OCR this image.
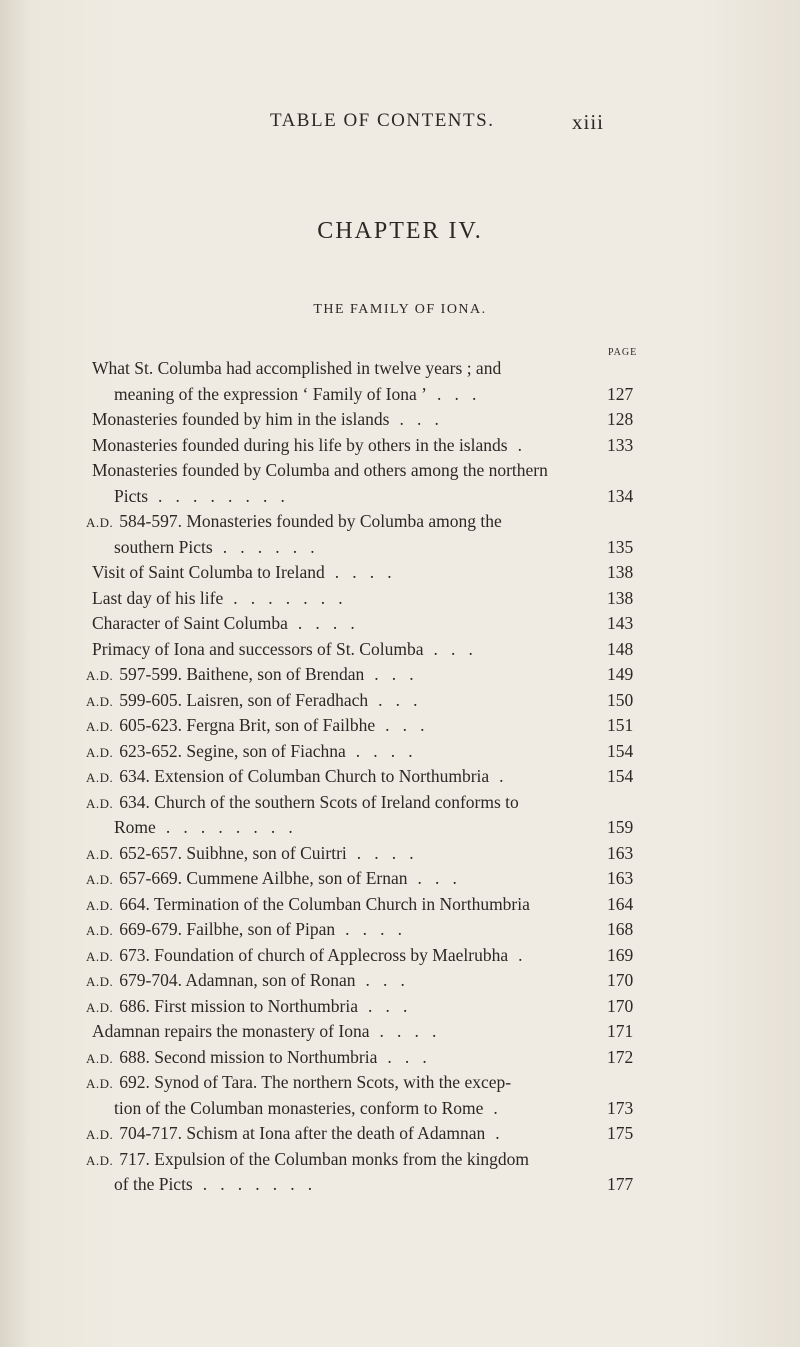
TABLE OF CONTENTS.	xiii
CHAPTER IV.
THE FAMILY OF IONA.
PAGE
What St. Columba had accomplished in twelve years ; and
meaning of the expression ‘ Family of Iona ’ .   .   .	127
Monasteries founded by him in the islands .   .   .	128
Monasteries founded during his life by others in the islands .	133
Monasteries founded by Columba and others among the northern
Picts .   .   .   .   .   .   .   .	134
A.D. 584-597. Monasteries founded by Columba among the
southern Picts .   .   .   .   .   .	135
Visit of Saint Columba to Ireland .   .   .   .	138
Last day of his life .   .   .   .   .   .   .	138
Character of Saint Columba .   .   .   .	143
Primacy of Iona and successors of St. Columba .   .   .	148
A.D. 597-599. Baithene, son of Brendan .   .   .	149
A.D. 599-605. Laisren, son of Feradhach .   .   .	150
A.D. 605-623. Fergna Brit, son of Failbhe .   .   .	151
A.D. 623-652. Segine, son of Fiachna .   .   .   .	154
A.D. 634. Extension of Columban Church to Northumbria .	154
A.D. 634. Church of the southern Scots of Ireland conforms to
Rome .   .   .   .   .   .   .   .	159
A.D. 652-657. Suibhne, son of Cuirtri .   .   .   .	163
A.D. 657-669. Cummene Ailbhe, son of Ernan .   .   .	163
A.D. 664. Termination of the Columban Church in Northumbria	164
A.D. 669-679. Failbhe, son of Pipan .   .   .   .	168
A.D. 673. Foundation of church of Applecross by Maelrubha .	169
A.D. 679-704. Adamnan, son of Ronan .   .   .	170
A.D. 686. First mission to Northumbria .   .   .	170
Adamnan repairs the monastery of Iona .   .   .   .	171
A.D. 688. Second mission to Northumbria .   .   .	172
A.D. 692. Synod of Tara. The northern Scots, with the excep-
tion of the Columban monasteries, conform to Rome .	173
A.D. 704-717. Schism at Iona after the death of Adamnan .	175
A.D. 717. Expulsion of the Columban monks from the kingdom
of the Picts .   .   .   .   .   .   .	177
